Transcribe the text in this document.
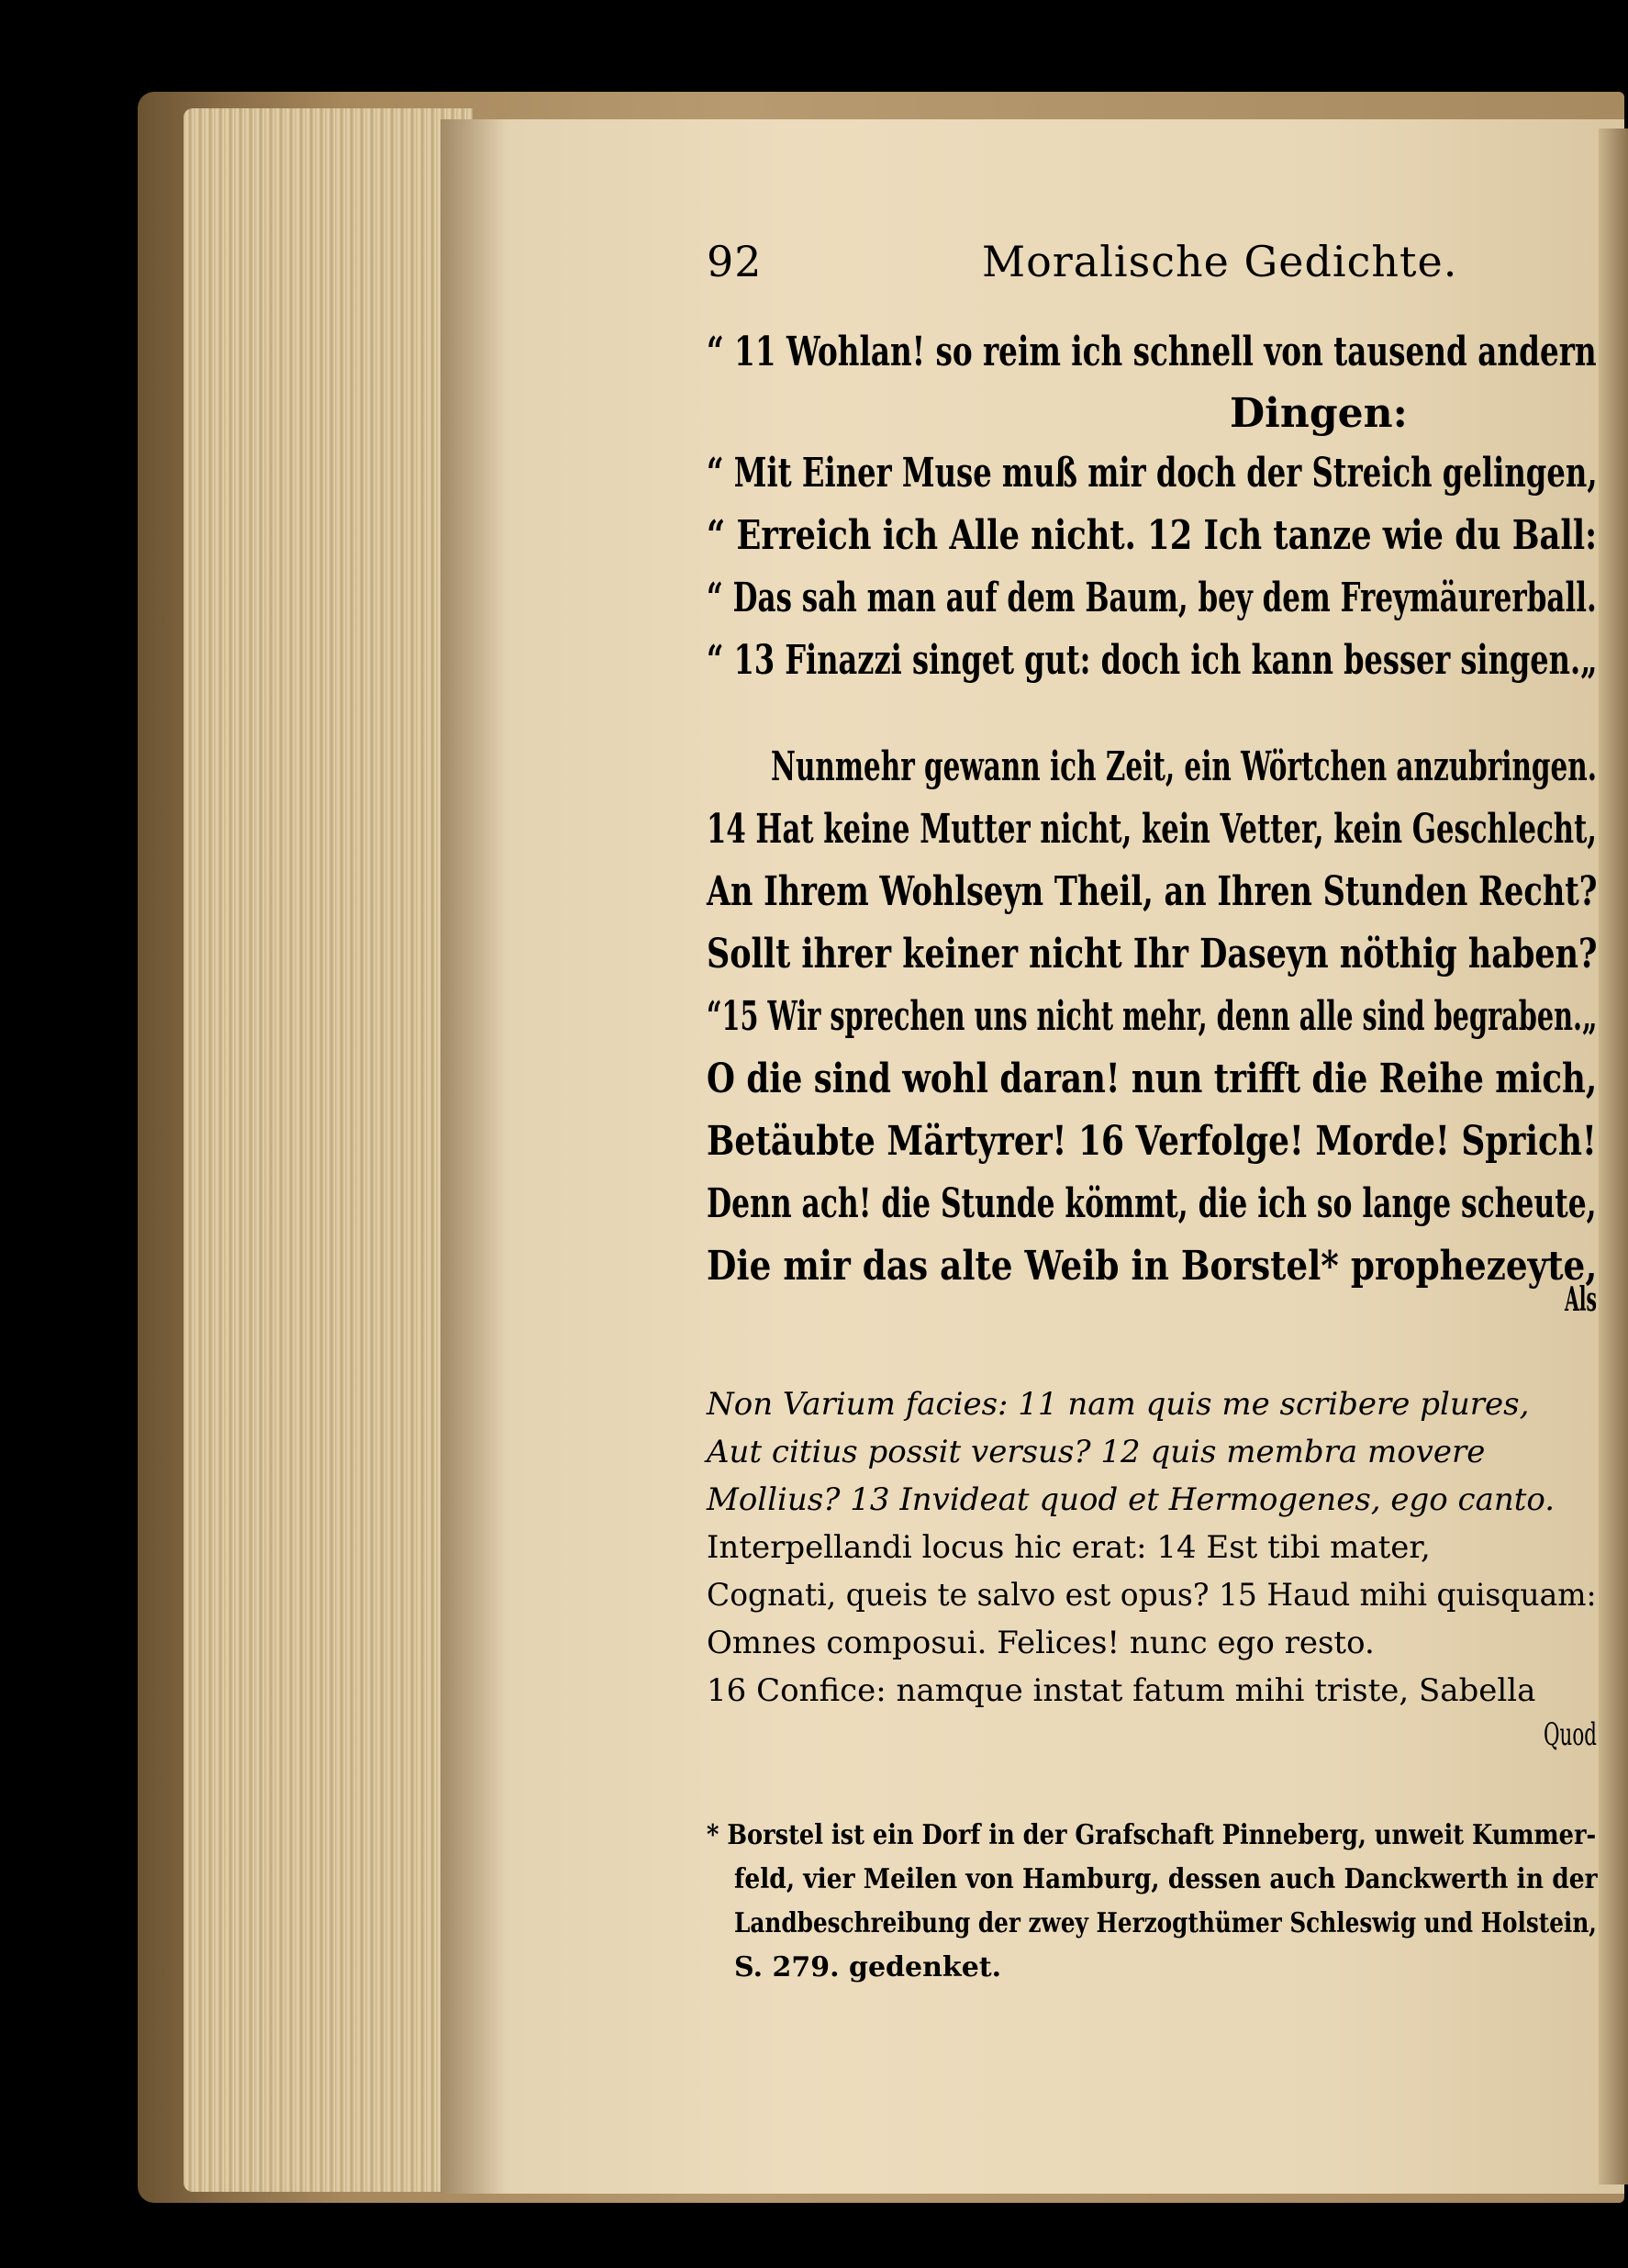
92	Moralische Gedichte.
“ 11 Wohlan! so reim ich schnell von tausend andern
Dingen:
“ Mit Einer Muse muß mir doch der Streich gelingen,
“ Erreich ich Alle nicht. 12 Ich tanze wie du Ball:
“ Das sah man auf dem Baum, bey dem Freymäurerball.
“ 13 Finazzi singet gut: doch ich kann besser singen.„
Nunmehr gewann ich Zeit, ein Wörtchen anzubringen.
14 Hat keine Mutter nicht, kein Vetter, kein Geschlecht,
An Ihrem Wohlseyn Theil, an Ihren Stunden Recht?
Sollt ihrer keiner nicht Ihr Daseyn nöthig haben?
“15 Wir sprechen uns nicht mehr, denn alle sind begraben.„
O die sind wohl daran! nun trifft die Reihe mich,
Betäubte Märtyrer! 16 Verfolge! Morde! Sprich!
Denn ach! die Stunde kömmt, die ich so lange scheute,
Die mir das alte Weib in Borstel* prophezeyte,
Als
Non Varium facies: 11 nam quis me scribere plures,
Aut citius possit versus? 12 quis membra movere
Mollius? 13 Invideat quod et Hermogenes, ego canto.
Interpellandi locus hic erat: 14 Est tibi mater,
Cognati, queis te salvo est opus? 15 Haud mihi quisquam:
Omnes composui. Felices! nunc ego resto.
16 Confice: namque instat fatum mihi triste, Sabella
Quod
* Borstel ist ein Dorf in der Grafschaft Pinneberg, unweit Kummer-
feld, vier Meilen von Hamburg, dessen auch Danckwerth in der
Landbeschreibung der zwey Herzogthümer Schleswig und Holstein,
S. 279. gedenket.
